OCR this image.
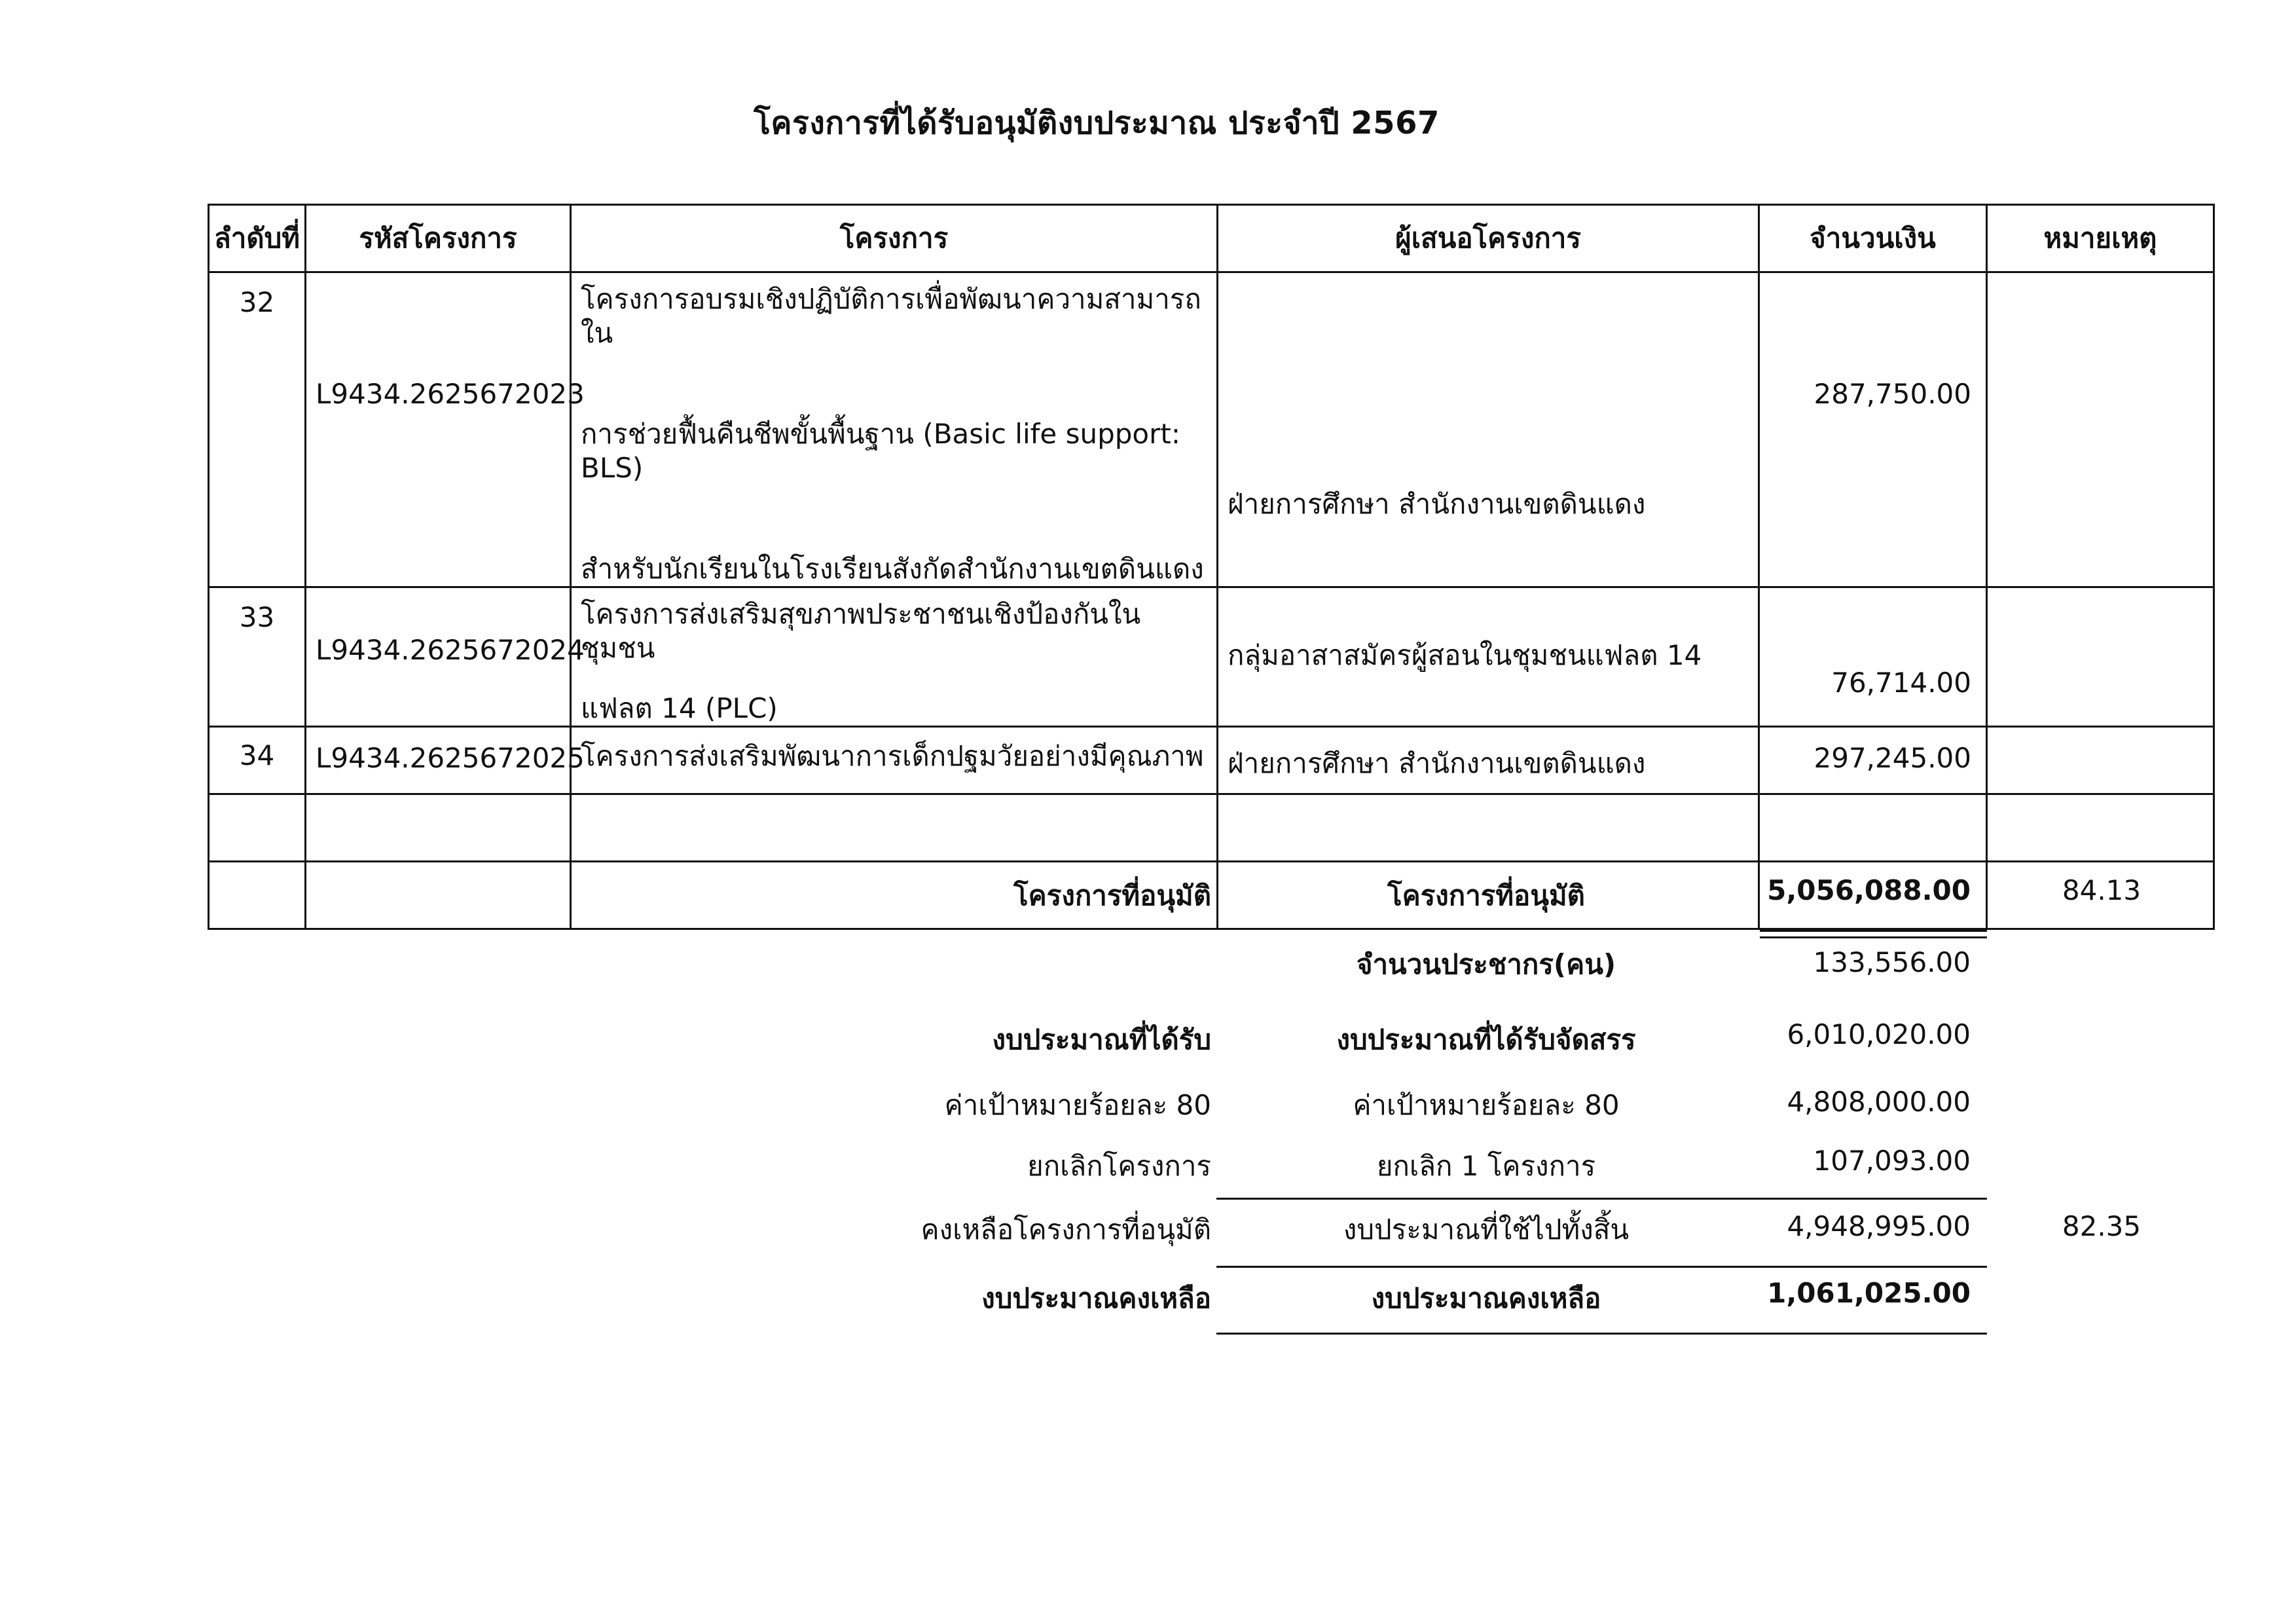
โครงการที่ได้รับอนุมัติงบประมาณ ประจำปี 2567
ลำดับที่	รหัสโครงการ	โครงการ	ผู้เสนอโครงการ	จำนวนเงิน	หมายเหตุ
32	L9434.2625672023	โครงการอบรมเชิงปฏิบัติการเพื่อพัฒนาความสามารถใน
การช่วยฟื้นคืนชีพขั้นพื้นฐาน (Basic life support: BLS)
สำหรับนักเรียนในโรงเรียนสังกัดสำนักงานเขตดินแดง	ฝ่ายการศึกษา สำนักงานเขตดินแดง	287,750.00	
33	L9434.2625672024	โครงการส่งเสริมสุขภาพประชาชนเชิงป้องกันในชุมชน
แฟลต 14 (PLC)	กลุ่มอาสาสมัครผู้สอนในชุมชนแฟลต 14	76,714.00	
34	L9434.2625672025	โครงการส่งเสริมพัฒนาการเด็กปฐมวัยอย่างมีคุณภาพ	ฝ่ายการศึกษา สำนักงานเขตดินแดง	297,245.00	

โครงการที่อนุมัติ	โครงการที่อนุมัติ	5,056,088.00	84.13
จำนวนประชากร(คน)	133,556.00
งบประมาณที่ได้รับ	งบประมาณที่ได้รับจัดสรร	6,010,020.00
ค่าเป้าหมายร้อยละ 80	ค่าเป้าหมายร้อยละ 80	4,808,000.00
ยกเลิกโครงการ	ยกเลิก 1 โครงการ	107,093.00
คงเหลือโครงการที่อนุมัติ	งบประมาณที่ใช้ไปทั้งสิ้น	4,948,995.00	82.35
งบประมาณคงเหลือ	งบประมาณคงเหลือ	1,061,025.00
